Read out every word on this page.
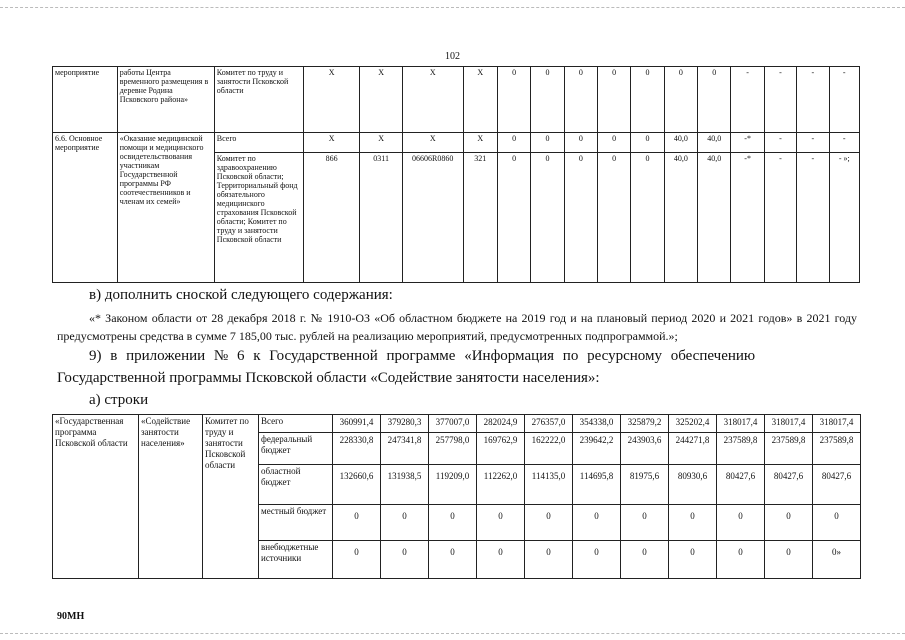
102
мероприятие	работы Центра временного размещения в деревне Родина Псковского района»	Комитет по труду и занятости Псковской области	X	X	X	X	0	0	0	0	0	0	0	-	-	-	-
6.6. Основное мероприятие	«Оказание медицинской помощи и медицинского освидетельствования участникам Государственной программы РФ соотечественников и членам их семей»	Всего	X	X	X	X	0	0	0	0	0	40,0	40,0	-*	-	-	-
		Комитет по здравоохранению Псковской области; Территориальный фонд обязательного медицинского страхования Псковской области; Комитет по труду и занятости Псковской области	866	0311	06606R0860	321	0	0	0	0	0	40,0	40,0	-*	-	-	- »;
в) дополнить сноской следующего содержания:
«* Законом области от 28 декабря 2018 г. № 1910-ОЗ «Об областном бюджете на 2019 год и на плановый период 2020 и 2021 годов» в 2021 году предусмотрены средства в сумме 7 185,00 тыс. рублей на реализацию мероприятий, предусмотренных подпрограммой.»;
9) в приложении № 6 к Государственной программе «Информация по ресурсному обеспечению
Государственной программы Псковской области «Содействие занятости населения»:
а) строки
«Государственная программа Псковской области	«Содействие занятости населения»	Комитет по труду и занятости Псковской области	Всего	360991,4	379280,3	377007,0	282024,9	276357,0	354338,0	325879,2	325202,4	318017,4	318017,4	318017,4
			федеральный бюджет	228330,8	247341,8	257798,0	169762,9	162222,0	239642,2	243903,6	244271,8	237589,8	237589,8	237589,8
			областной бюджет	132660,6	131938,5	119209,0	112262,0	114135,0	114695,8	81975,6	80930,6	80427,6	80427,6	80427,6
			местный бюджет	0	0	0	0	0	0	0	0	0	0	0
			внебюджетные источники	0	0	0	0	0	0	0	0	0	0	0»
90МН
